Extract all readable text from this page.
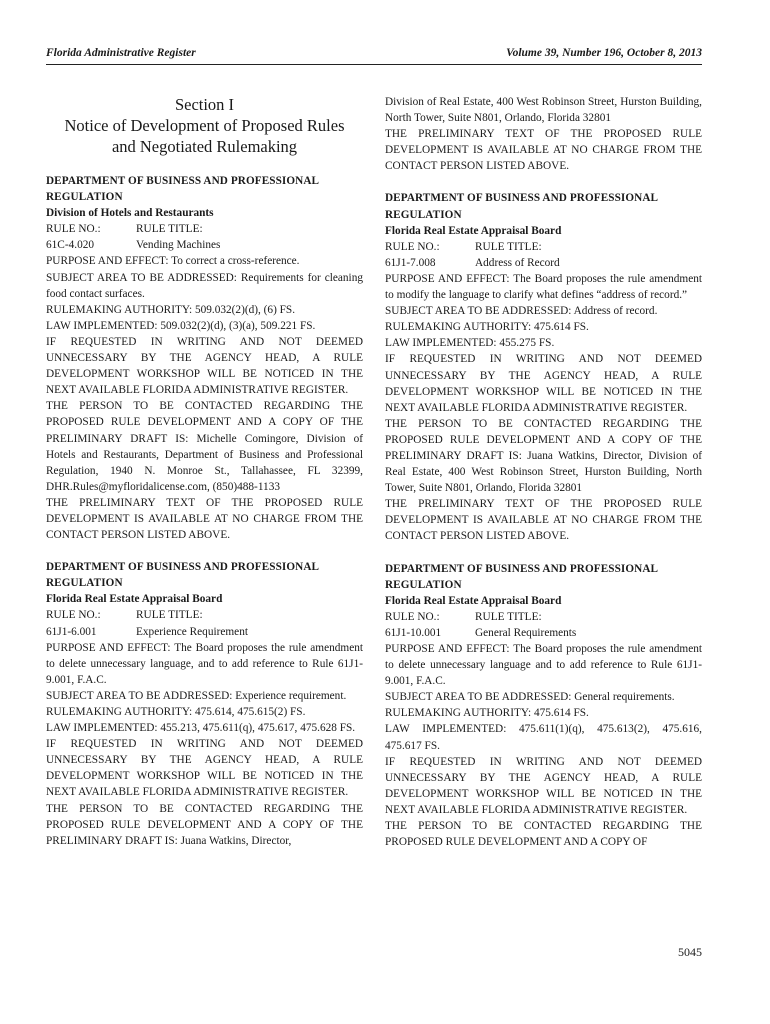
Florida Administrative Register	Volume 39, Number 196, October 8, 2013
Section I
Notice of Development of Proposed Rules
and Negotiated Rulemaking
DEPARTMENT OF BUSINESS AND PROFESSIONAL
REGULATION
Division of Hotels and Restaurants
RULE NO.:	RULE TITLE:
61C-4.020	Vending Machines
PURPOSE AND EFFECT: To correct a cross-reference.
SUBJECT AREA TO BE ADDRESSED: Requirements for cleaning food contact surfaces.
RULEMAKING AUTHORITY: 509.032(2)(d), (6) FS.
LAW IMPLEMENTED: 509.032(2)(d), (3)(a), 509.221 FS.
IF REQUESTED IN WRITING AND NOT DEEMED UNNECESSARY BY THE AGENCY HEAD, A RULE DEVELOPMENT WORKSHOP WILL BE NOTICED IN THE NEXT AVAILABLE FLORIDA ADMINISTRATIVE REGISTER.
THE PERSON TO BE CONTACTED REGARDING THE PROPOSED RULE DEVELOPMENT AND A COPY OF THE PRELIMINARY DRAFT IS: Michelle Comingore, Division of Hotels and Restaurants, Department of Business and Professional Regulation, 1940 N. Monroe St., Tallahassee, FL 32399, DHR.Rules@myfloridalicense.com, (850)488-1133
THE PRELIMINARY TEXT OF THE PROPOSED RULE DEVELOPMENT IS AVAILABLE AT NO CHARGE FROM THE CONTACT PERSON LISTED ABOVE.
DEPARTMENT OF BUSINESS AND PROFESSIONAL
REGULATION
Florida Real Estate Appraisal Board
RULE NO.:	RULE TITLE:
61J1-6.001	Experience Requirement
PURPOSE AND EFFECT: The Board proposes the rule amendment to delete unnecessary language, and to add reference to Rule 61J1-9.001, F.A.C.
SUBJECT AREA TO BE ADDRESSED: Experience requirement.
RULEMAKING AUTHORITY: 475.614, 475.615(2) FS.
LAW IMPLEMENTED: 455.213, 475.611(q), 475.617, 475.628 FS.
IF REQUESTED IN WRITING AND NOT DEEMED UNNECESSARY BY THE AGENCY HEAD, A RULE DEVELOPMENT WORKSHOP WILL BE NOTICED IN THE NEXT AVAILABLE FLORIDA ADMINISTRATIVE REGISTER.
THE PERSON TO BE CONTACTED REGARDING THE PROPOSED RULE DEVELOPMENT AND A COPY OF THE PRELIMINARY DRAFT IS: Juana Watkins, Director,
Division of Real Estate, 400 West Robinson Street, Hurston Building, North Tower, Suite N801, Orlando, Florida 32801
THE PRELIMINARY TEXT OF THE PROPOSED RULE DEVELOPMENT IS AVAILABLE AT NO CHARGE FROM THE CONTACT PERSON LISTED ABOVE.
DEPARTMENT OF BUSINESS AND PROFESSIONAL
REGULATION
Florida Real Estate Appraisal Board
RULE NO.:	RULE TITLE:
61J1-7.008	Address of Record
PURPOSE AND EFFECT: The Board proposes the rule amendment to modify the language to clarify what defines “address of record.”
SUBJECT AREA TO BE ADDRESSED: Address of record.
RULEMAKING AUTHORITY: 475.614 FS.
LAW IMPLEMENTED: 455.275 FS.
IF REQUESTED IN WRITING AND NOT DEEMED UNNECESSARY BY THE AGENCY HEAD, A RULE DEVELOPMENT WORKSHOP WILL BE NOTICED IN THE NEXT AVAILABLE FLORIDA ADMINISTRATIVE REGISTER.
THE PERSON TO BE CONTACTED REGARDING THE PROPOSED RULE DEVELOPMENT AND A COPY OF THE PRELIMINARY DRAFT IS: Juana Watkins, Director, Division of Real Estate, 400 West Robinson Street, Hurston Building, North Tower, Suite N801, Orlando, Florida 32801
THE PRELIMINARY TEXT OF THE PROPOSED RULE DEVELOPMENT IS AVAILABLE AT NO CHARGE FROM THE CONTACT PERSON LISTED ABOVE.
DEPARTMENT OF BUSINESS AND PROFESSIONAL
REGULATION
Florida Real Estate Appraisal Board
RULE NO.:	RULE TITLE:
61J1-10.001	General Requirements
PURPOSE AND EFFECT: The Board proposes the rule amendment to delete unnecessary language and to add reference to Rule 61J1-9.001, F.A.C.
SUBJECT AREA TO BE ADDRESSED: General requirements.
RULEMAKING AUTHORITY: 475.614 FS.
LAW IMPLEMENTED: 475.611(1)(q), 475.613(2), 475.616, 475.617 FS.
IF REQUESTED IN WRITING AND NOT DEEMED UNNECESSARY BY THE AGENCY HEAD, A RULE DEVELOPMENT WORKSHOP WILL BE NOTICED IN THE NEXT AVAILABLE FLORIDA ADMINISTRATIVE REGISTER.
THE PERSON TO BE CONTACTED REGARDING THE PROPOSED RULE DEVELOPMENT AND A COPY OF
5045
